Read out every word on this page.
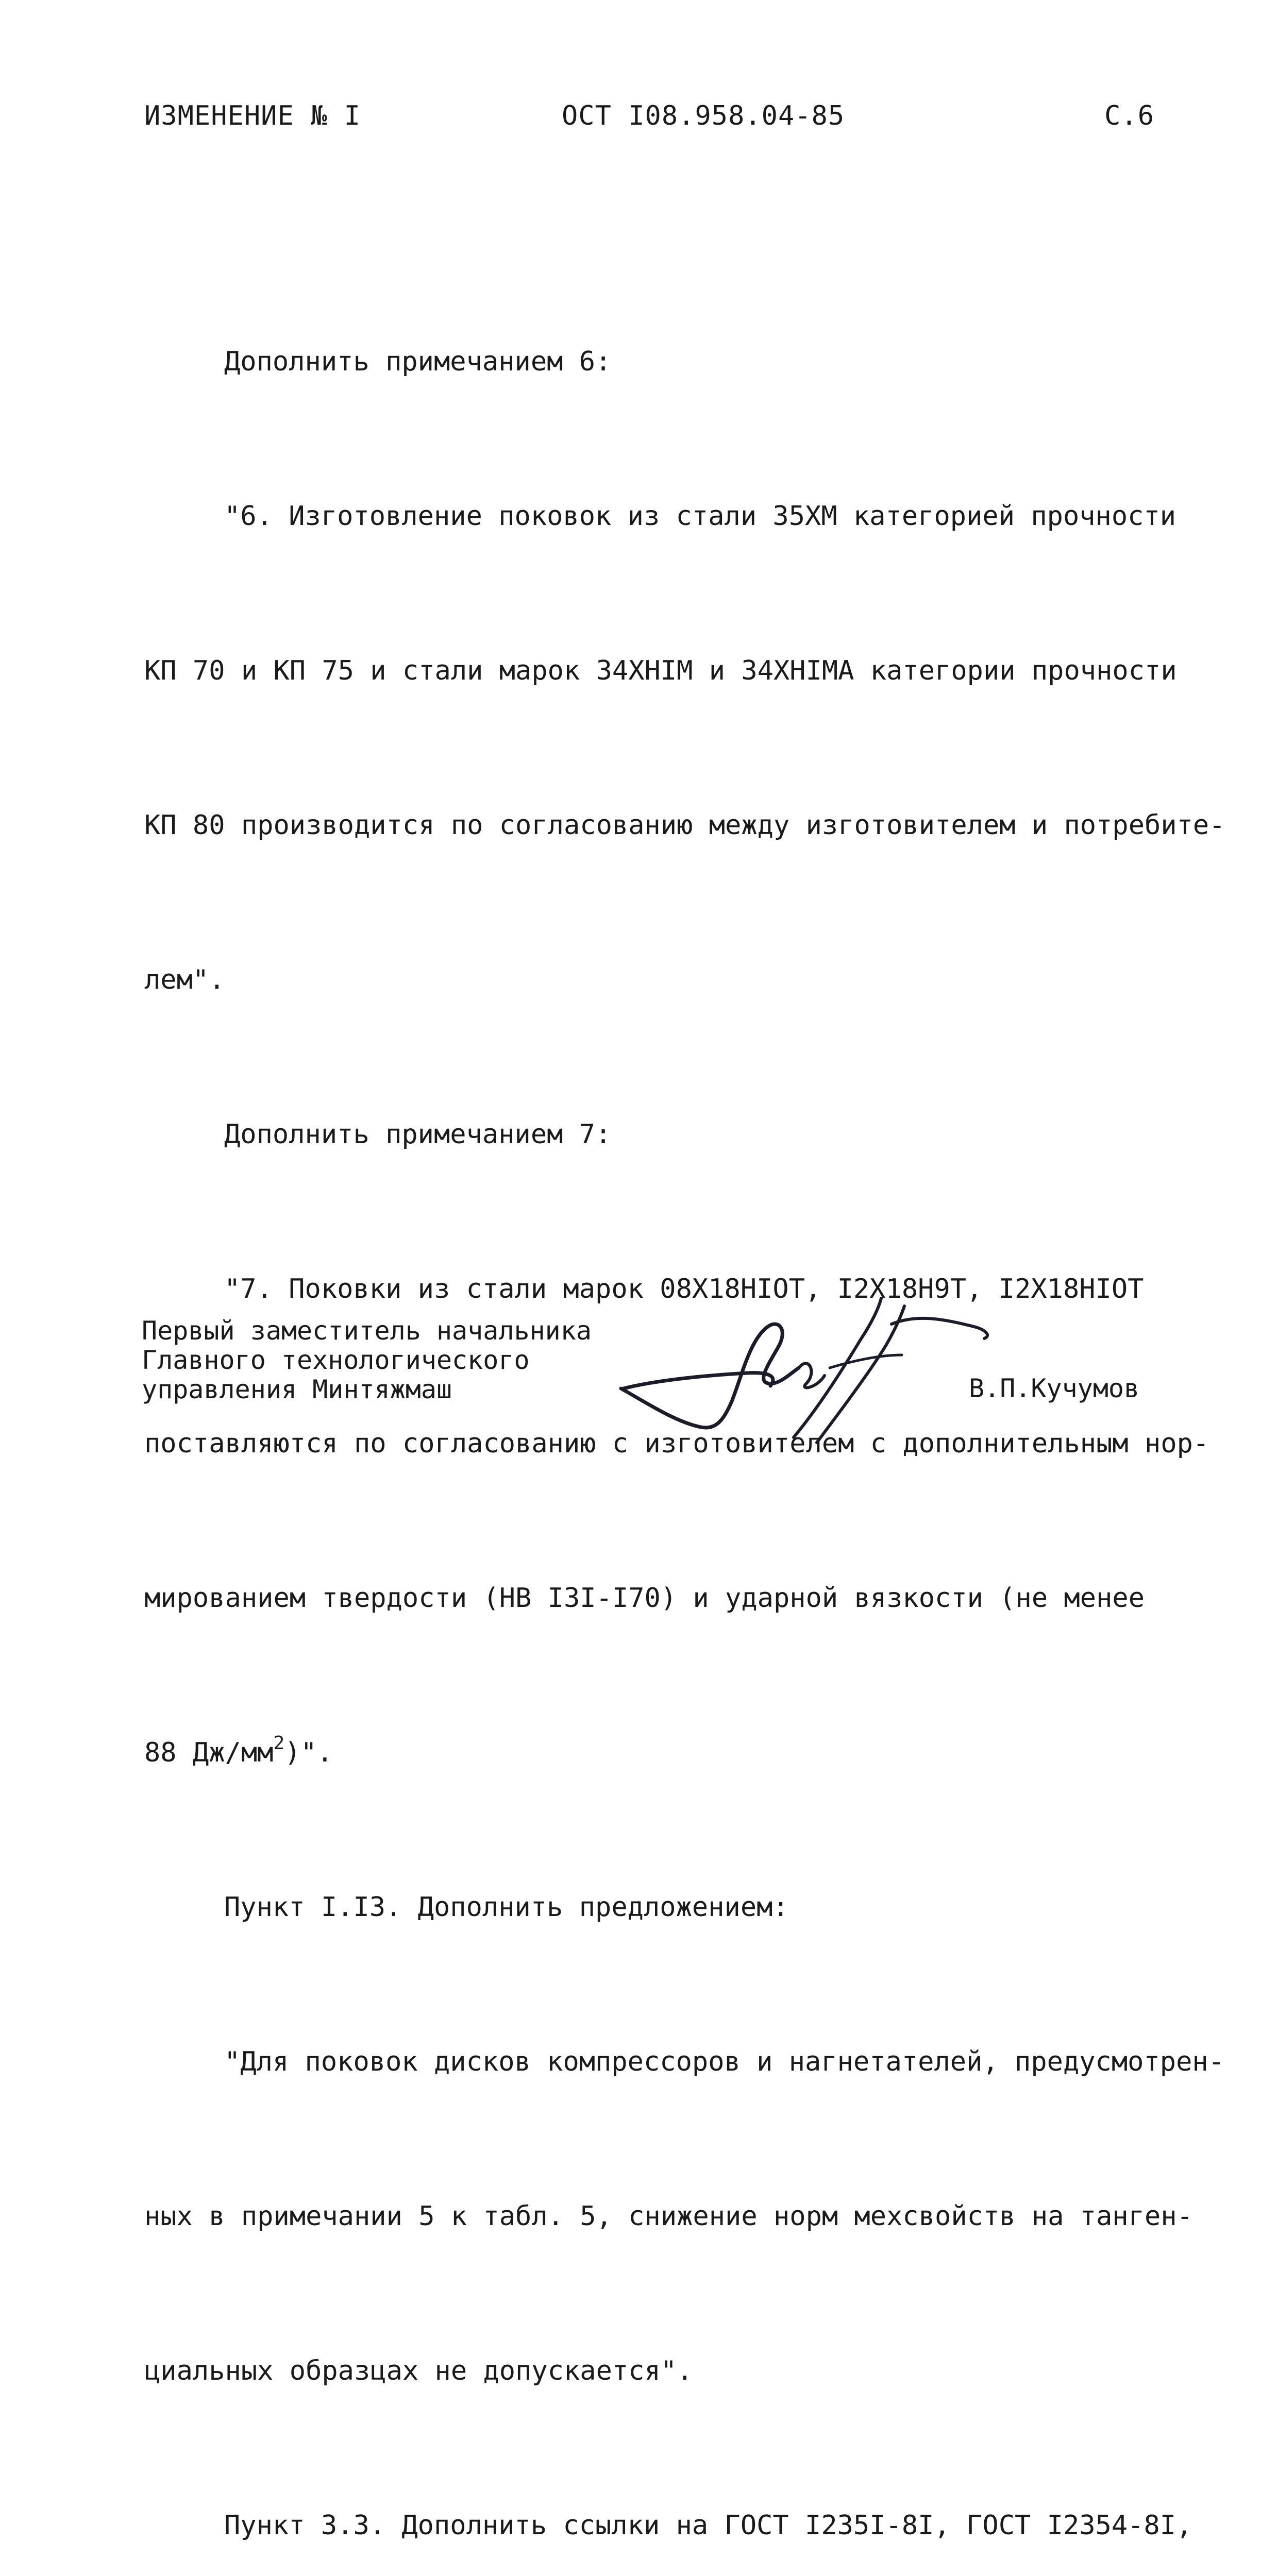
ИЗМЕНЕНИЕ № I	ОСТ I08.958.04-85	С.6

Дополнить примечанием 6:

"6. Изготовление поковок из стали 35ХМ категорией прочности

КП 70 и КП 75 и стали марок 34ХНIМ и 34ХНIМА категории прочности

КП 80 производится по согласованию между изготовителем и потребите-

лем".

Дополнить примечанием 7:

"7. Поковки из стали марок 08Х18НIОТ, I2Х18Н9Т, I2Х18НIОТ

поставляются по согласованию с изготовителем с дополнительным нор-

мированием твердости (НВ I3I-I70) и ударной вязкости (не менее

88 $Дж/мм^2$)".

Пункт I.I3. Дополнить предложением:

"Для поковок дисков компрессоров и нагнетателей, предусмотрен-

ных в примечании 5 к табл. 5, снижение норм мехсвойств на танген-

циальных образцах не допускается".

Пункт 3.3. Дополнить ссылки на ГОСТ I235I-8I, ГОСТ I2354-8I,

Первый заместитель начальника
Главного технологического
управления Минтяжмаш	В.П.Кучумов
